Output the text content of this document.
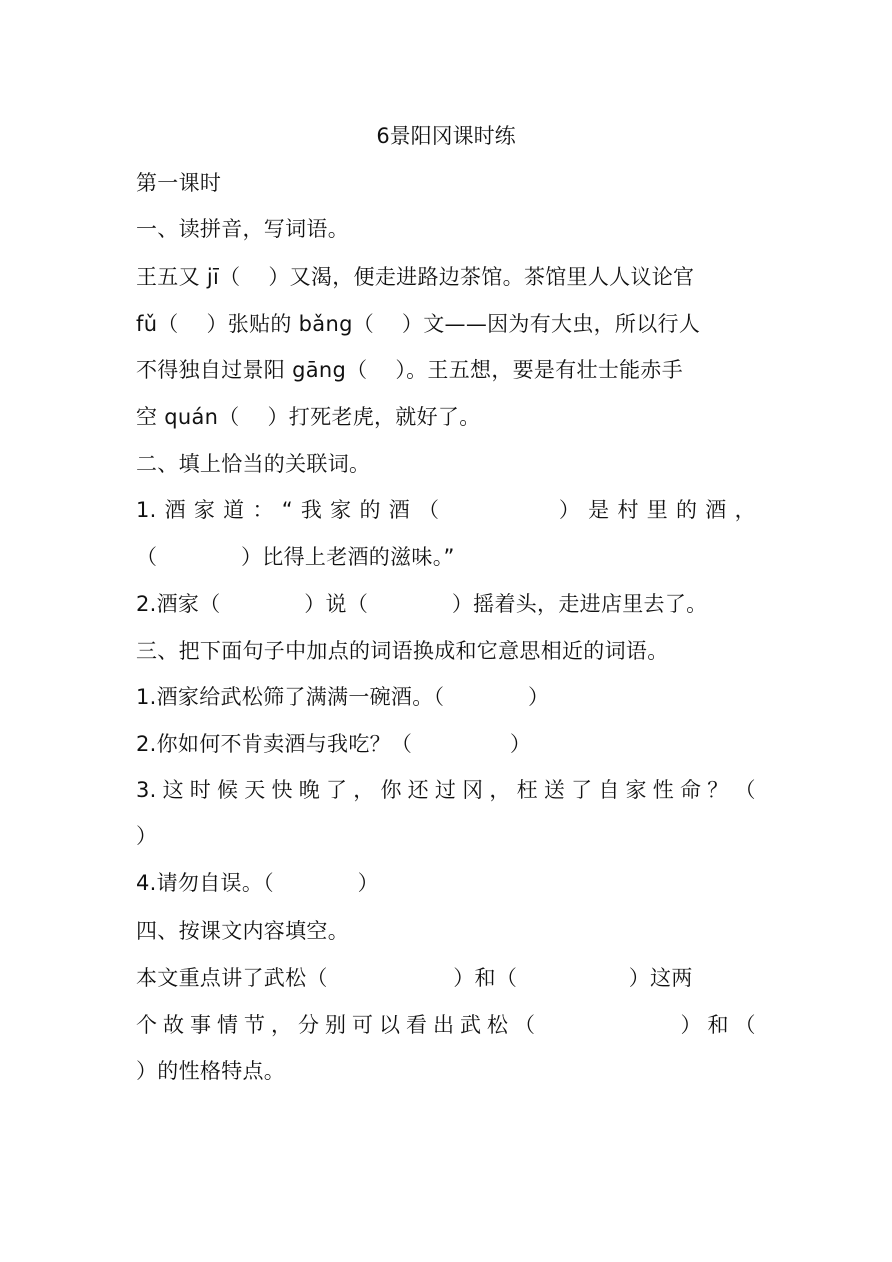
6景阳冈课时练
第一课时
一、读拼音，写词语。
王五又 jī（    ）又渴，便走进路边茶馆。茶馆里人人议论官
fǔ（    ）张贴的 bǎng（    ）文——因为有大虫，所以行人
不得独自过景阳 gāng（    ）。王五想，要是有壮士能赤手
空 quán（    ）打死老虎，就好了。
二、填上恰当的关联词。
1. 酒 家 道 ： “ 我 家 的 酒 （ ） 是 村 里 的 酒 ，
（            ）比得上老酒的滋味。”
2.酒家（            ）说（            ）摇着头，走进店里去了。
三、把下面句子中加点的词语换成和它意思相近的词语。
1.酒家给武松筛了满满一碗酒。（            ）
2.你如何不肯卖酒与我吃？（              ）
3. 这 时 候 天 快 晚 了 ， 你 还 过 冈 ， 枉 送 了 自 家 性 命 ？ （
）
4.请勿自误。（            ）
四、按课文内容填空。
本文重点讲了武松（                  ）和（                ）这两
个 故 事 情 节 ， 分 别 可 以 看 出 武 松 （ ） 和 （
）的性格特点。
